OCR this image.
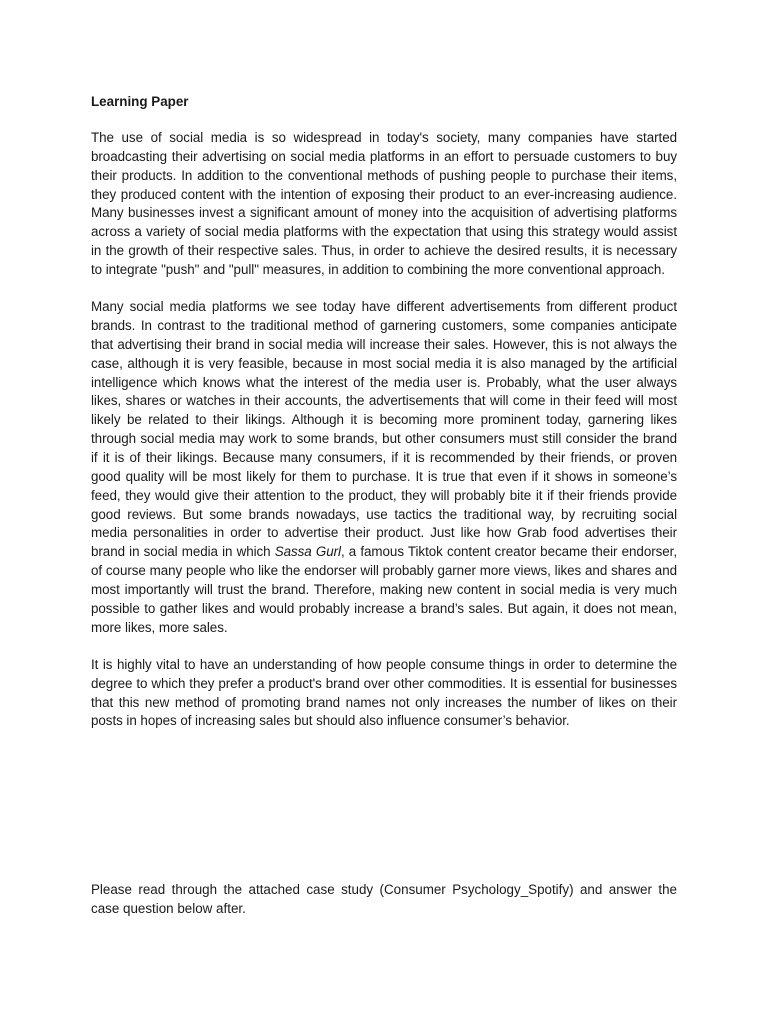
Learning Paper

The use of social media is so widespread in today's society, many companies have started broadcasting their advertising on social media platforms in an effort to persuade customers to buy their products. In addition to the conventional methods of pushing people to purchase their items, they produced content with the intention of exposing their product to an ever-increasing audience. Many businesses invest a significant amount of money into the acquisition of advertising platforms across a variety of social media platforms with the expectation that using this strategy would assist in the growth of their respective sales. Thus, in order to achieve the desired results, it is necessary to integrate "push" and "pull" measures, in addition to combining the more conventional approach.

Many social media platforms we see today have different advertisements from different product brands. In contrast to the traditional method of garnering customers, some companies anticipate that advertising their brand in social media will increase their sales. However, this is not always the case, although it is very feasible, because in most social media it is also managed by the artificial intelligence which knows what the interest of the media user is. Probably, what the user always likes, shares or watches in their accounts, the advertisements that will come in their feed will most likely be related to their likings. Although it is becoming more prominent today, garnering likes through social media may work to some brands, but other consumers must still consider the brand if it is of their likings. Because many consumers, if it is recommended by their friends, or proven good quality will be most likely for them to purchase. It is true that even if it shows in someone’s feed, they would give their attention to the product, they will probably bite it if their friends provide good reviews. But some brands nowadays, use tactics the traditional way, by recruiting social media personalities in order to advertise their product. Just like how Grab food advertises their brand in social media in which Sassa Gurl, a famous Tiktok content creator became their endorser, of course many people who like the endorser will probably garner more views, likes and shares and most importantly will trust the brand. Therefore, making new content in social media is very much possible to gather likes and would probably increase a brand’s sales. But again, it does not mean, more likes, more sales.

It is highly vital to have an understanding of how people consume things in order to determine the degree to which they prefer a product's brand over other commodities. It is essential for businesses that this new method of promoting brand names not only increases the number of likes on their posts in hopes of increasing sales but should also influence consumer’s behavior.

Please read through the attached case study (Consumer Psychology_Spotify) and answer the case question below after.
